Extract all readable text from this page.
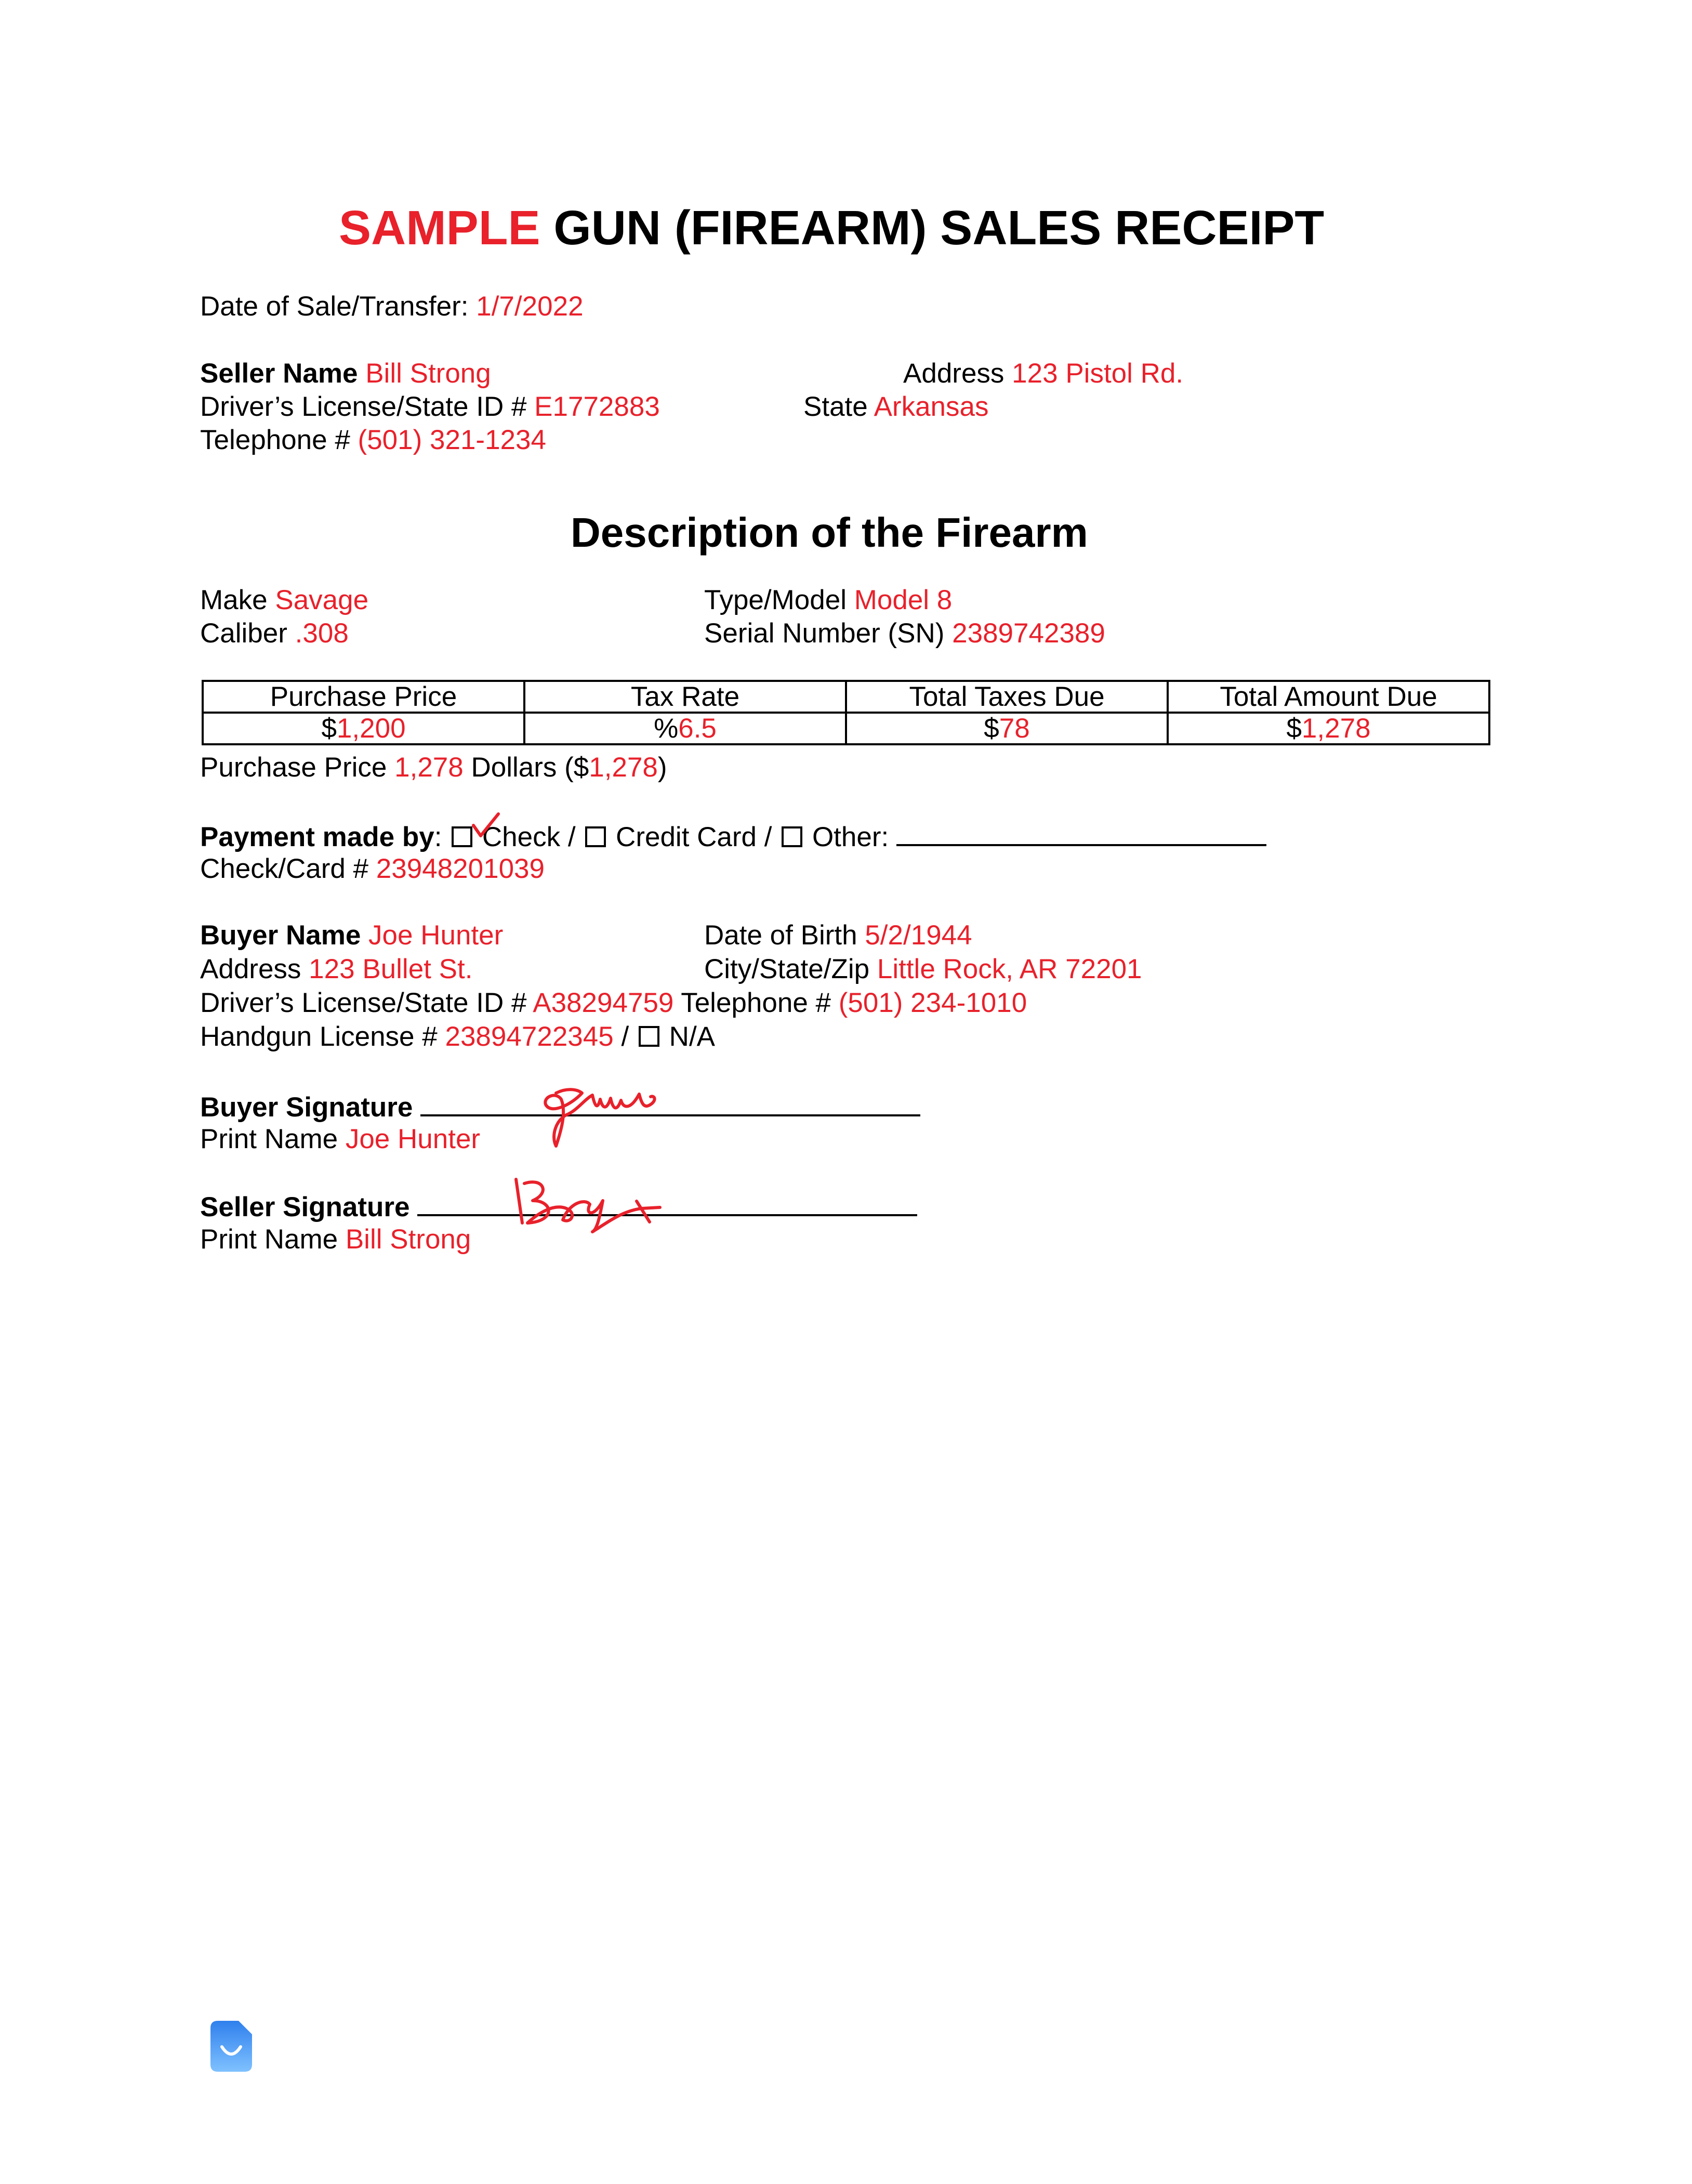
SAMPLE GUN (FIREARM) SALES RECEIPT
Date of Sale/Transfer: 1/7/2022
Seller Name Bill Strong	Address 123 Pistol Rd.
Driver’s License/State ID # E1772883	State Arkansas
Telephone # (501) 321-1234
Description of the Firearm
Make Savage	Type/Model Model 8
Caliber .308	Serial Number (SN) 2389742389
Purchase Price	Tax Rate	Total Taxes Due	Total Amount Due
$1,200	%6.5	$78	$1,278
Purchase Price 1,278 Dollars ($1,278)
Payment made by: Check / Credit Card / Other:
Check/Card # 23948201039
Buyer Name Joe Hunter	Date of Birth 5/2/1944
Address 123 Bullet St.	City/State/Zip Little Rock, AR 72201
Driver’s License/State ID # A38294759 Telephone # (501) 234-1010
Handgun License # 23894722345 / N/A
Buyer Signature
Print Name Joe Hunter
Seller Signature
Print Name Bill Strong
